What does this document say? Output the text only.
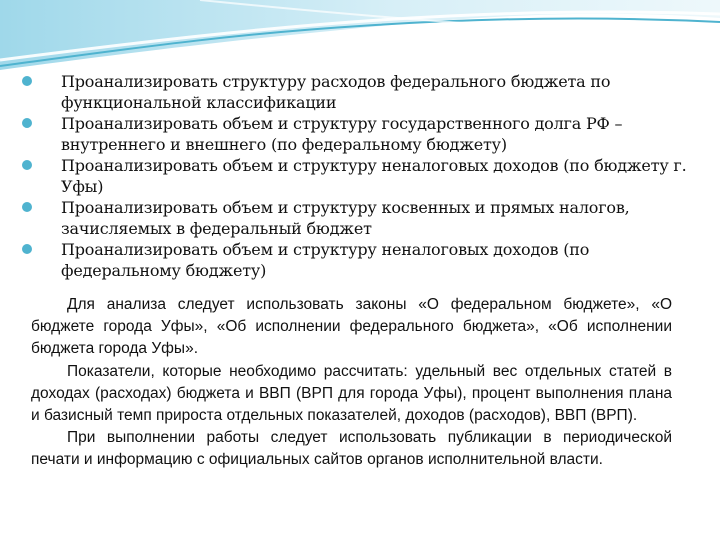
Проанализировать структуру расходов федерального бюджета по функциональной классификации
Проанализировать объем и структуру государственного долга РФ – внутреннего и внешнего (по федеральному бюджету)
Проанализировать объем и структуру неналоговых доходов (по бюджету г. Уфы)
Проанализировать объем и структуру косвенных и прямых налогов, зачисляемых в федеральный бюджет
Проанализировать объем и структуру неналоговых доходов (по федеральному бюджету)

Для анализа следует использовать законы «О федеральном бюджете», «О бюджете города Уфы», «Об исполнении федерального бюджета», «Об исполнении бюджета города Уфы».

Показатели, которые необходимо рассчитать: удельный вес отдельных статей в доходах (расходах) бюджета и ВВП (ВРП для города Уфы), процент выполнения плана и базисный темп прироста отдельных показателей, доходов (расходов), ВВП (ВРП).

При выполнении работы следует использовать публикации в периодической печати и информацию с официальных сайтов органов исполнительной власти.
